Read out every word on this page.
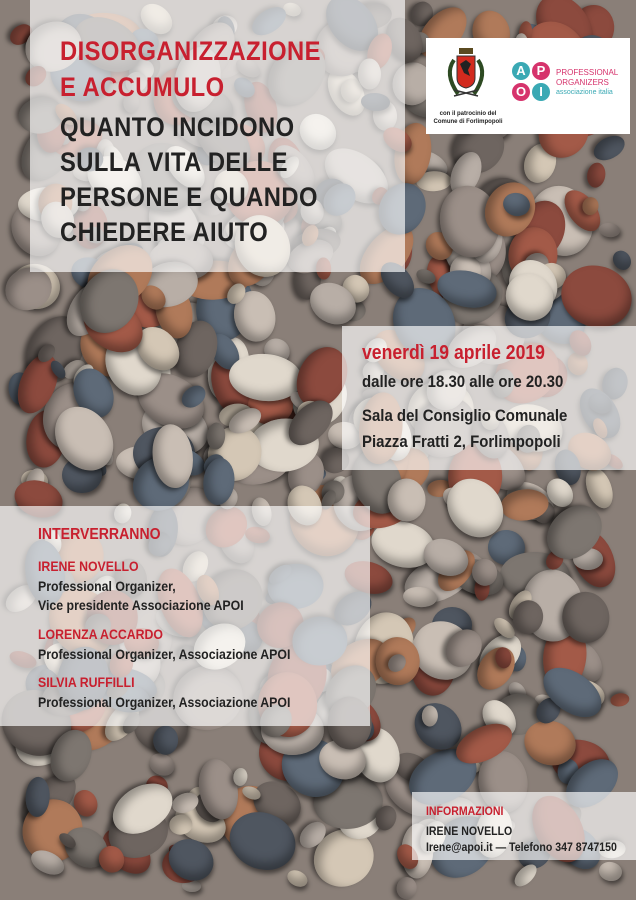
DISORGANIZZAZIONE
E ACCUMULO
QUANTO INCIDONO
SULLA VITA DELLE
PERSONE E QUANDO
CHIEDERE AIUTO
con il patrocinio del
Comune di Forlimpopoli
A P
O	I
PROFESSIONAL
ORGANIZERS
associazione italia
venerdì 19 aprile 2019
dalle ore 18.30 alle ore 20.30
Sala del Consiglio Comunale
Piazza Fratti 2, Forlimpopoli
INTERVERRANNO
IRENE NOVELLO
Professional Organizer,
Vice presidente Associazione APOI
LORENZA ACCARDO
Professional Organizer, Associazione APOI
SILVIA RUFFILLI
Professional Organizer, Associazione APOI
INFORMAZIONI
IRENE NOVELLO
Irene@apoi.it — Telefono 347 8747150
